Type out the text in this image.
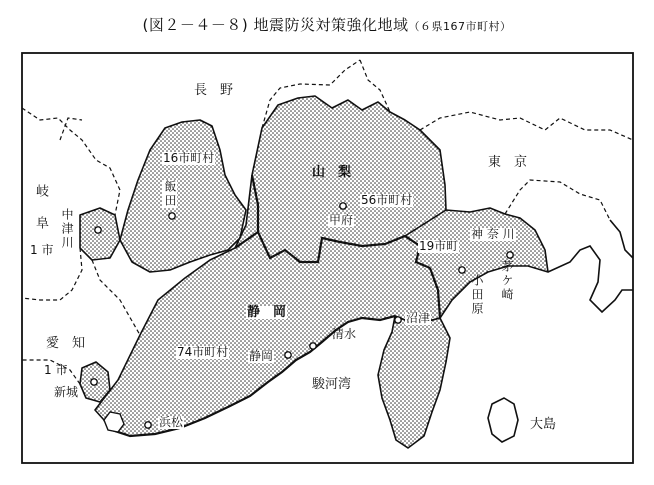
(図２－４－８) 地震防災対策強化地域（６県167市町村）
長　野
山　梨
静　岡
東　京
神 奈 川
岐 阜
愛　知
16市町村
56市町村
19市町
74市町村
1 市
1 市
飯田
甲府
中津川
小田原 茅ケ崎
沼津
清水
静岡
浜松
新城	駿河湾
大島
